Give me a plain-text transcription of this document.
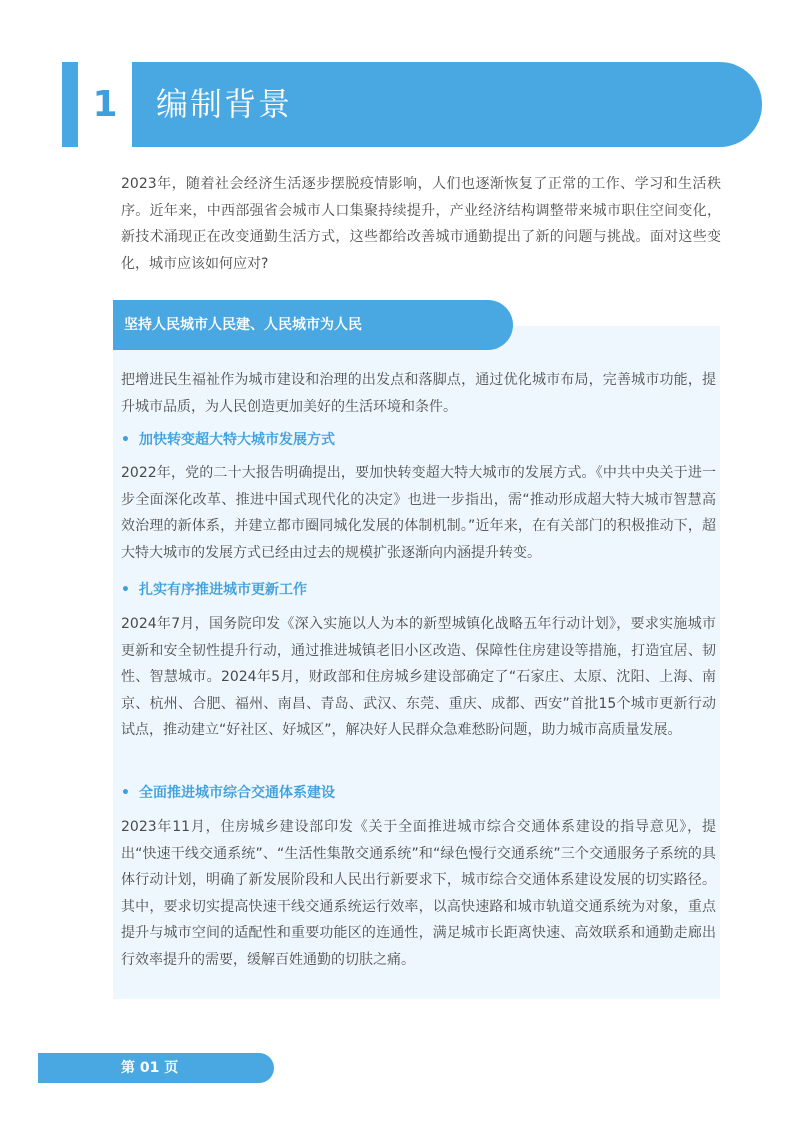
1	编制背景

2023年，随着社会经济生活逐步摆脱疫情影响，人们也逐渐恢复了正常的工作、学习和生活秩序。近年来，中西部强省会城市人口集聚持续提升，产业经济结构调整带来城市职住空间变化，新技术涌现正在改变通勤生活方式，这些都给改善城市通勤提出了新的问题与挑战。面对这些变化，城市应该如何应对?

坚持人民城市人民建、人民城市为人民

把增进民生福祉作为城市建设和治理的出发点和落脚点，通过优化城市布局，完善城市功能，提升城市品质，为人民创造更加美好的生活环境和条件。

• 加快转变超大特大城市发展方式

2022年，党的二十大报告明确提出，要加快转变超大特大城市的发展方式。《中共中央关于进一步全面深化改革、推进中国式现代化的决定》也进一步指出，需“推动形成超大特大城市智慧高效治理的新体系，并建立都市圈同城化发展的体制机制。”近年来，在有关部门的积极推动下，超大特大城市的发展方式已经由过去的规模扩张逐渐向内涵提升转变。

• 扎实有序推进城市更新工作

2024年7月，国务院印发《深入实施以人为本的新型城镇化战略五年行动计划》，要求实施城市更新和安全韧性提升行动，通过推进城镇老旧小区改造、保障性住房建设等措施，打造宜居、韧性、智慧城市。2024年5月，财政部和住房城乡建设部确定了“石家庄、太原、沈阳、上海、南京、杭州、合肥、福州、南昌、青岛、武汉、东莞、重庆、成都、西安”首批15个城市更新行动试点，推动建立“好社区、好城区”，解决好人民群众急难愁盼问题，助力城市高质量发展。

• 全面推进城市综合交通体系建设

2023年11月，住房城乡建设部印发《关于全面推进城市综合交通体系建设的指导意见》，提出“快速干线交通系统”、“生活性集散交通系统”和“绿色慢行交通系统”三个交通服务子系统的具体行动计划，明确了新发展阶段和人民出行新要求下，城市综合交通体系建设发展的切实路径。其中，要求切实提高快速干线交通系统运行效率，以高快速路和城市轨道交通系统为对象，重点提升与城市空间的适配性和重要功能区的连通性，满足城市长距离快速、高效联系和通勤走廊出行效率提升的需要，缓解百姓通勤的切肤之痛。

第 01 页
